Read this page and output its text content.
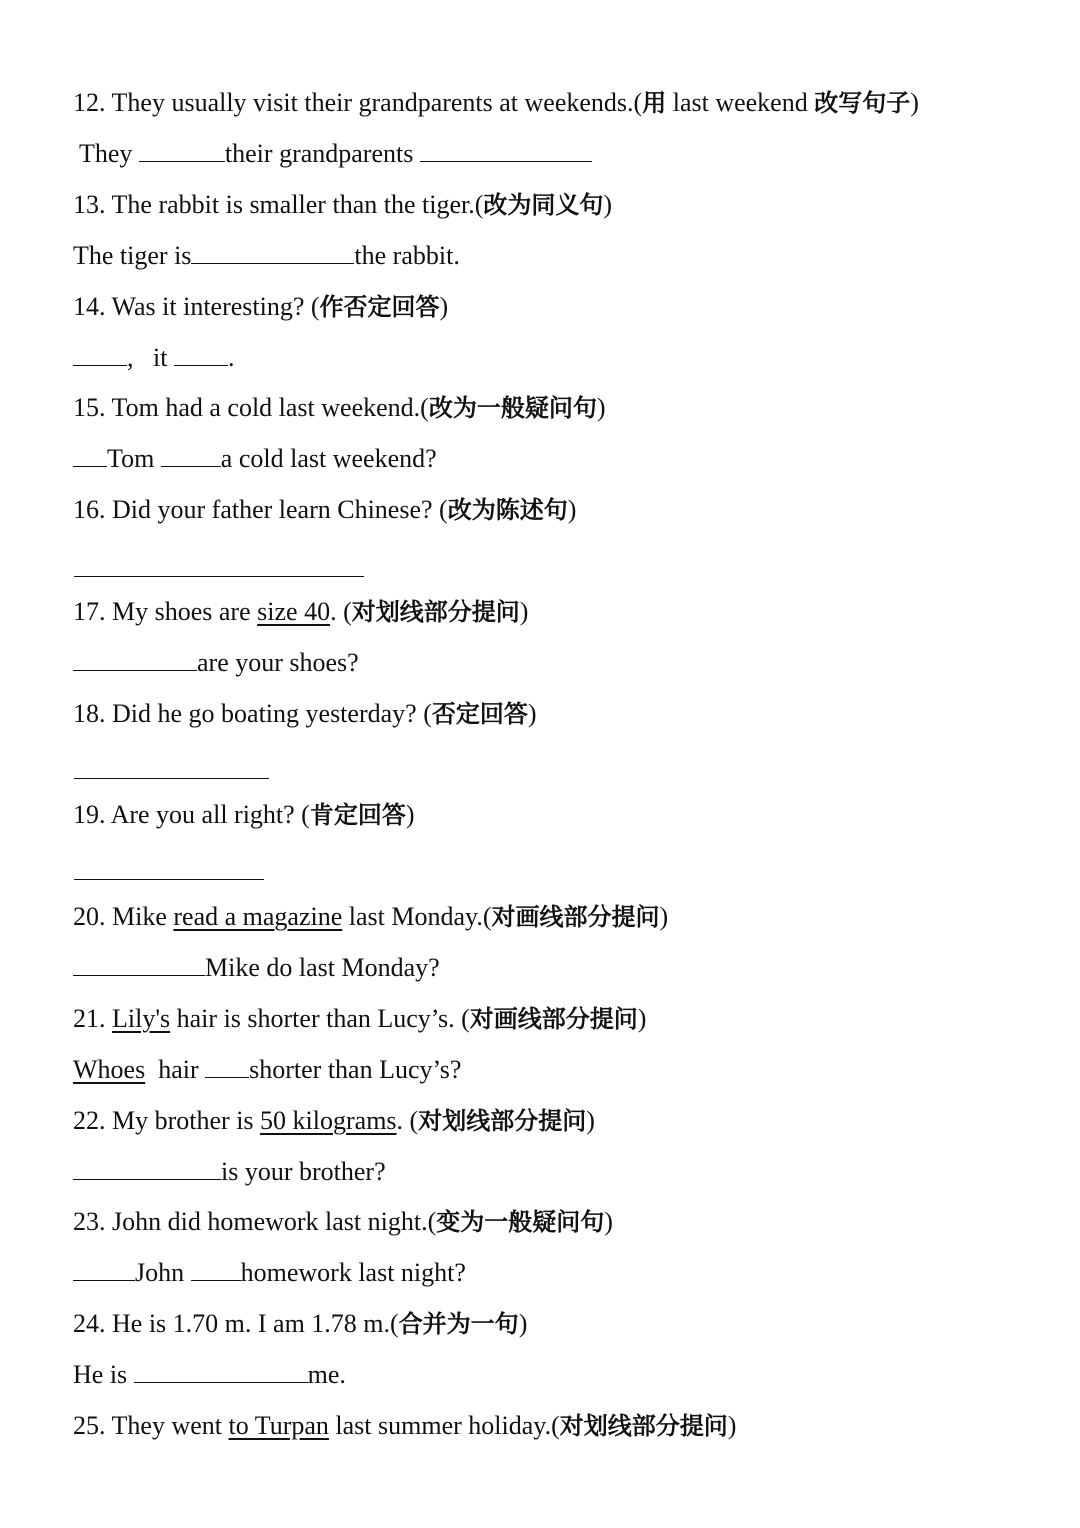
12. They usually visit their grandparents at weekends.(用 last weekend 改写句子)
They	their grandparents
13. The rabbit is smaller than the tiger.(改为同义句)
The tiger is	the rabbit.
14. Was it interesting? (作否定回答)
, it .
15. Tom had a cold last weekend.(改为一般疑问句)
Tom	a cold last weekend?
16. Did your father learn Chinese? (改为陈述句)
17. My shoes are size 40. (对划线部分提问)
are your shoes?
18. Did he go boating yesterday? (否定回答)
19. Are you all right? (肯定回答)
20. Mike read a magazine last Monday.(对画线部分提问)
Mike do last Monday?
21. Lily's hair is shorter than Lucy’s. (对画线部分提问)
Whoes hair shorter than Lucy’s?
22. My brother is 50 kilograms. (对划线部分提问)
is your brother?
23. John did homework last night.(变为一般疑问句)
John homework last night?
24. He is 1.70 m. I am 1.78 m.(合并为一句)
He is	me.
25. They went to Turpan last summer holiday.(对划线部分提问)
